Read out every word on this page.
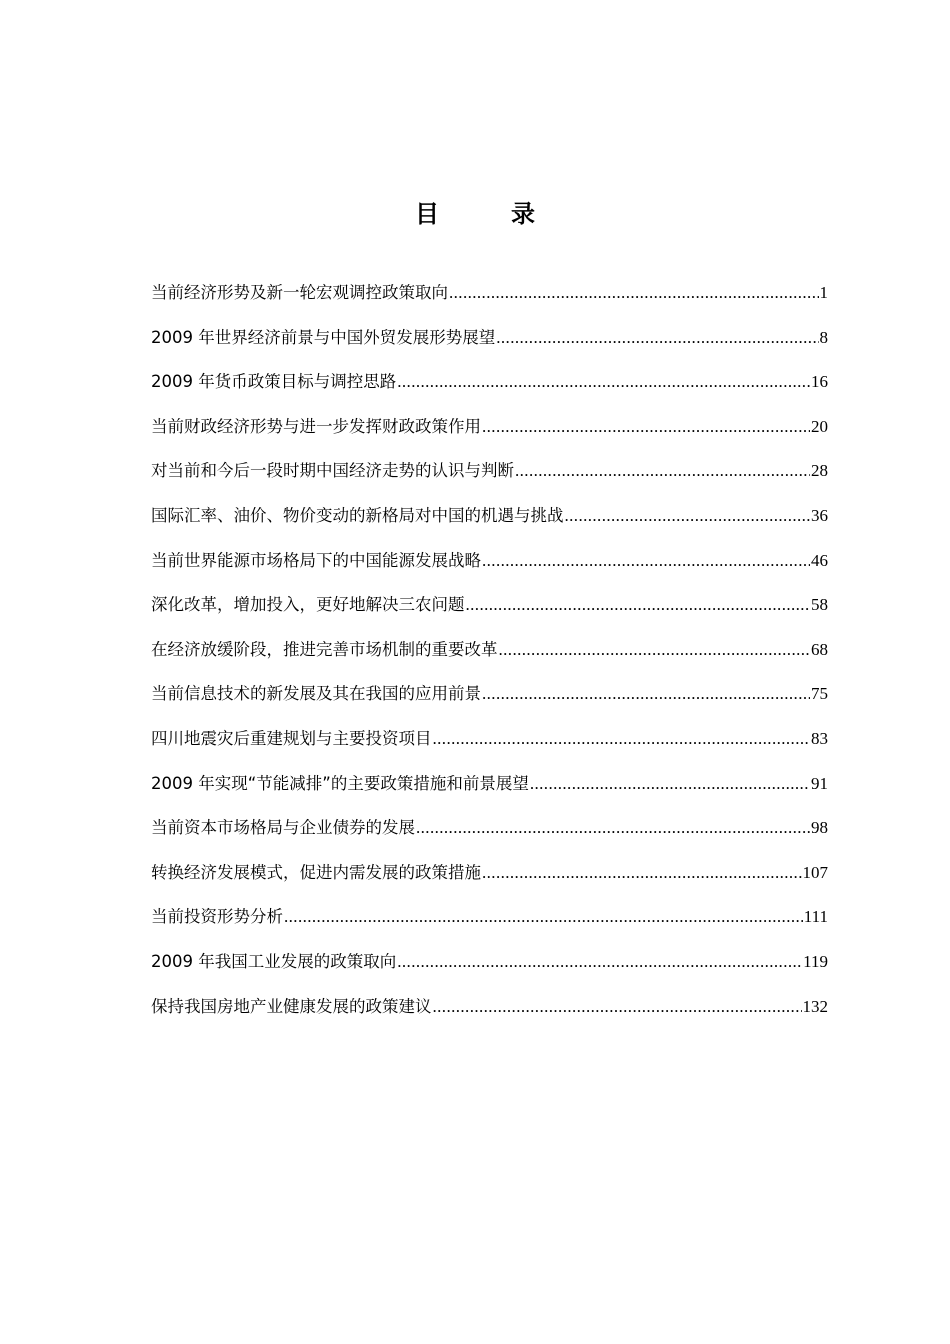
目	录
当前经济形势及新一轮宏观调控政策取向 .....	1
2009 年世界经济前景与中国外贸发展形势展望 .....	8
2009 年货币政策目标与调控思路 .....	16
当前财政经济形势与进一步发挥财政政策作用 .....	20
对当前和今后一段时期中国经济走势的认识与判断 .....	28
国际汇率、油价、物价变动的新格局对中国的机遇与挑战 .....	36
当前世界能源市场格局下的中国能源发展战略 .....	46
深化改革，增加投入，更好地解决三农问题 .....	58
在经济放缓阶段，推进完善市场机制的重要改革 .....	68
当前信息技术的新发展及其在我国的应用前景 .....	75
四川地震灾后重建规划与主要投资项目 .....	83
2009 年实现“节能减排”的主要政策措施和前景展望 .....	91
当前资本市场格局与企业债券的发展 .....	98
转换经济发展模式，促进内需发展的政策措施 .....	107
当前投资形势分析 .....	111
2009 年我国工业发展的政策取向 .....	119
保持我国房地产业健康发展的政策建议 .....	132
